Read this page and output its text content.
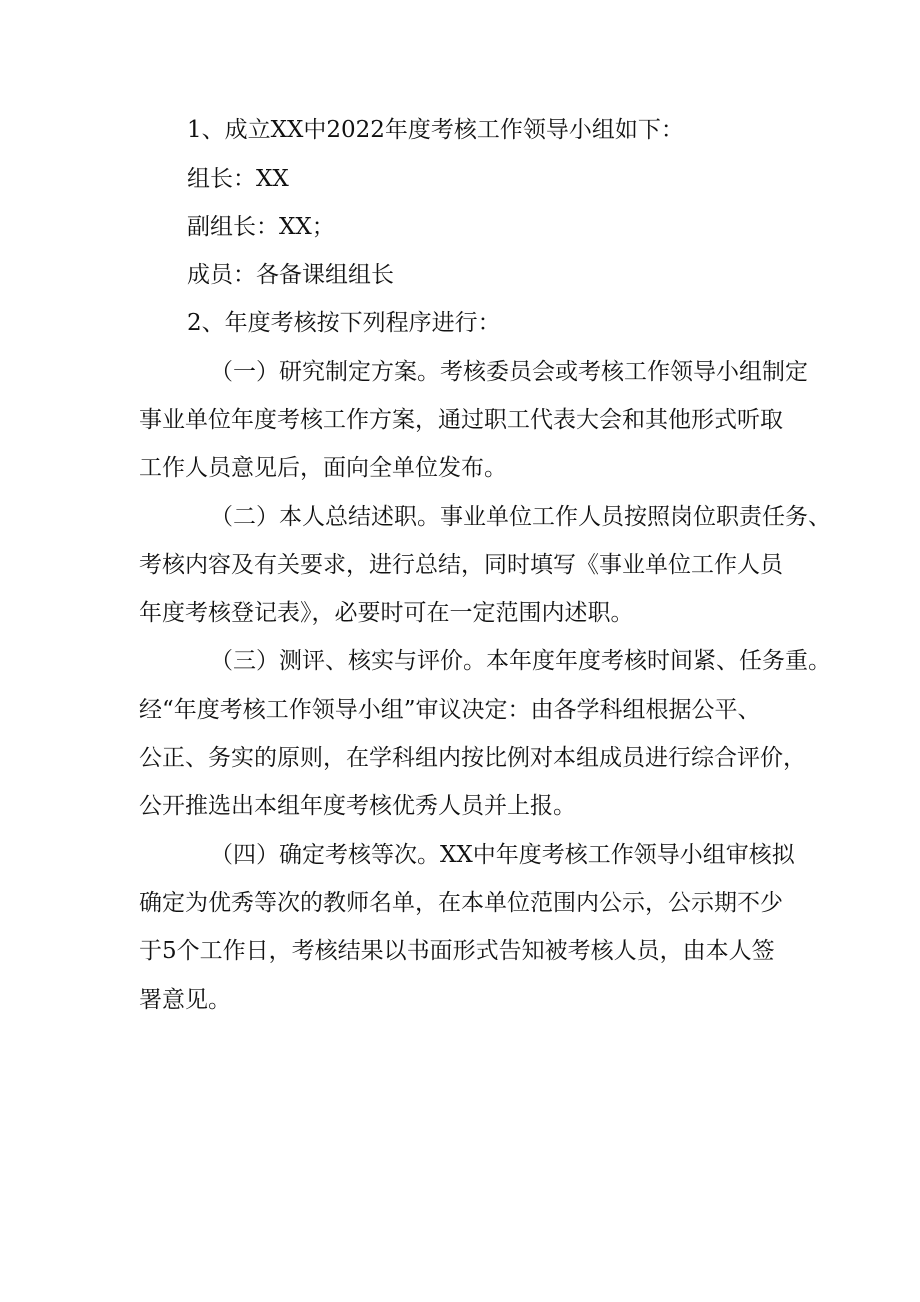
1、成立XX中2022年度考核工作领导小组如下：
组长：XX
副组长：XX；
成员：各备课组组长
2、年度考核按下列程序进行：
（一）研究制定方案。考核委员会或考核工作领导小组制定
事业单位年度考核工作方案，通过职工代表大会和其他形式听取
工作人员意见后，面向全单位发布。
（二）本人总结述职。事业单位工作人员按照岗位职责任务、
考核内容及有关要求，进行总结，同时填写《事业单位工作人员
年度考核登记表》，必要时可在一定范围内述职。
（三）测评、核实与评价。本年度年度考核时间紧、任务重。
经“年度考核工作领导小组”审议决定：由各学科组根据公平、
公正、务实的原则，在学科组内按比例对本组成员进行综合评价，
公开推选出本组年度考核优秀人员并上报。
（四）确定考核等次。XX中年度考核工作领导小组审核拟
确定为优秀等次的教师名单，在本单位范围内公示，公示期不少
于5个工作日，考核结果以书面形式告知被考核人员，由本人签
署意见。
